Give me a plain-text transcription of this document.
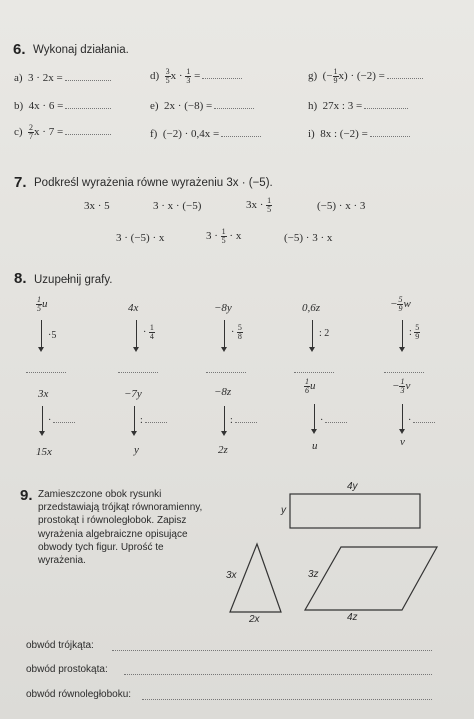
6. Wykonaj działania.
a) 3 · 2x =
b) 4x · 6 =
$c) \frac{2}{7}$ x · 7 =
$d) \frac{3}{5}$ $x \cdot \frac{1}{3}$ =
e) 2x · (−8) =
f) (−2) · 0,4x =
g) (− $\frac{1}{9} x) \cdot (-2)$ =
h) 27x : 3 =
i) 8x : (−2) =
7. Podkreśl wyrażenia równe wyrażeniu 3x · (−5).
3x · 5	3 · x · (−5)	$3x \cdot \frac{1}{5}$	(−5) · x · 3
3 · (−5) · x	$3 \cdot \frac{1}{5} \cdot x$	(−5) · 3 · x
8. Uzupełnij grafy.
$\frac{1}{5}$ u
·5
4x
· $\frac{1}{4}$
−8y
· $\frac{5}{8}$
0,6z
: 2
− $\frac{5}{9}$ w
: $\frac{5}{9}$
3x
·
15x
−7y
:
y
−8z
:
2z
$\frac{1}{6}$ u
·
u
− $\frac{1}{3}$ v
·
v
9. Zamieszczone obok rysunki przedstawiają trójkąt równoramienny, prostokąt i równoległobok. Zapisz wyrażenia algebraiczne opisujące obwody tych figur. Uprość te wyrażenia.
4y
y
3x
2x
3z
4z
obwód trójkąta:
obwód prostokąta:
obwód równoległoboku:
